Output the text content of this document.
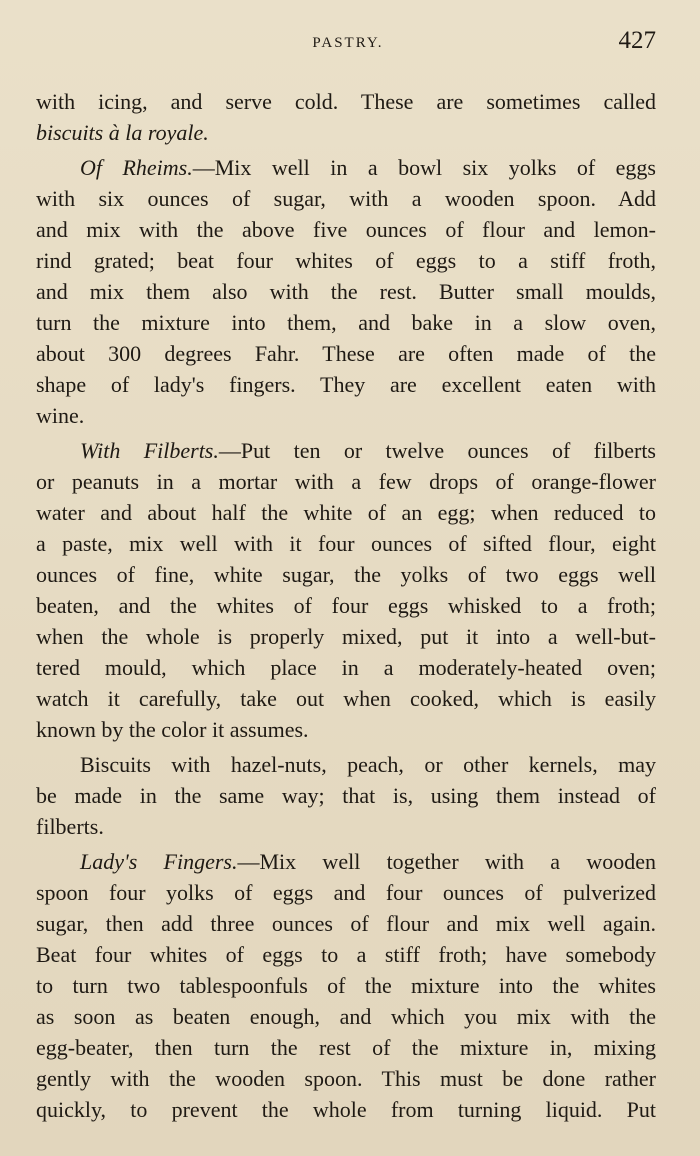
PASTRY.	427
with icing, and serve cold. These are sometimes called
biscuits à la royale.
Of Rheims.—Mix well in a bowl six yolks of eggs
with six ounces of sugar, with a wooden spoon. Add
and mix with the above five ounces of flour and lemon-
rind grated; beat four whites of eggs to a stiff froth,
and mix them also with the rest. Butter small moulds,
turn the mixture into them, and bake in a slow oven,
about 300 degrees Fahr. These are often made of the
shape of lady's fingers. They are excellent eaten with
wine.
With Filberts.—Put ten or twelve ounces of filberts
or peanuts in a mortar with a few drops of orange-flower
water and about half the white of an egg; when reduced to
a paste, mix well with it four ounces of sifted flour, eight
ounces of fine, white sugar, the yolks of two eggs well
beaten, and the whites of four eggs whisked to a froth;
when the whole is properly mixed, put it into a well-but-
tered mould, which place in a moderately-heated oven;
watch it carefully, take out when cooked, which is easily
known by the color it assumes.
Biscuits with hazel-nuts, peach, or other kernels, may
be made in the same way; that is, using them instead of
filberts.
Lady's Fingers.—Mix well together with a wooden
spoon four yolks of eggs and four ounces of pulverized
sugar, then add three ounces of flour and mix well again.
Beat four whites of eggs to a stiff froth; have somebody
to turn two tablespoonfuls of the mixture into the whites
as soon as beaten enough, and which you mix with the
egg-beater, then turn the rest of the mixture in, mixing
gently with the wooden spoon. This must be done rather
quickly, to prevent the whole from turning liquid. Put
